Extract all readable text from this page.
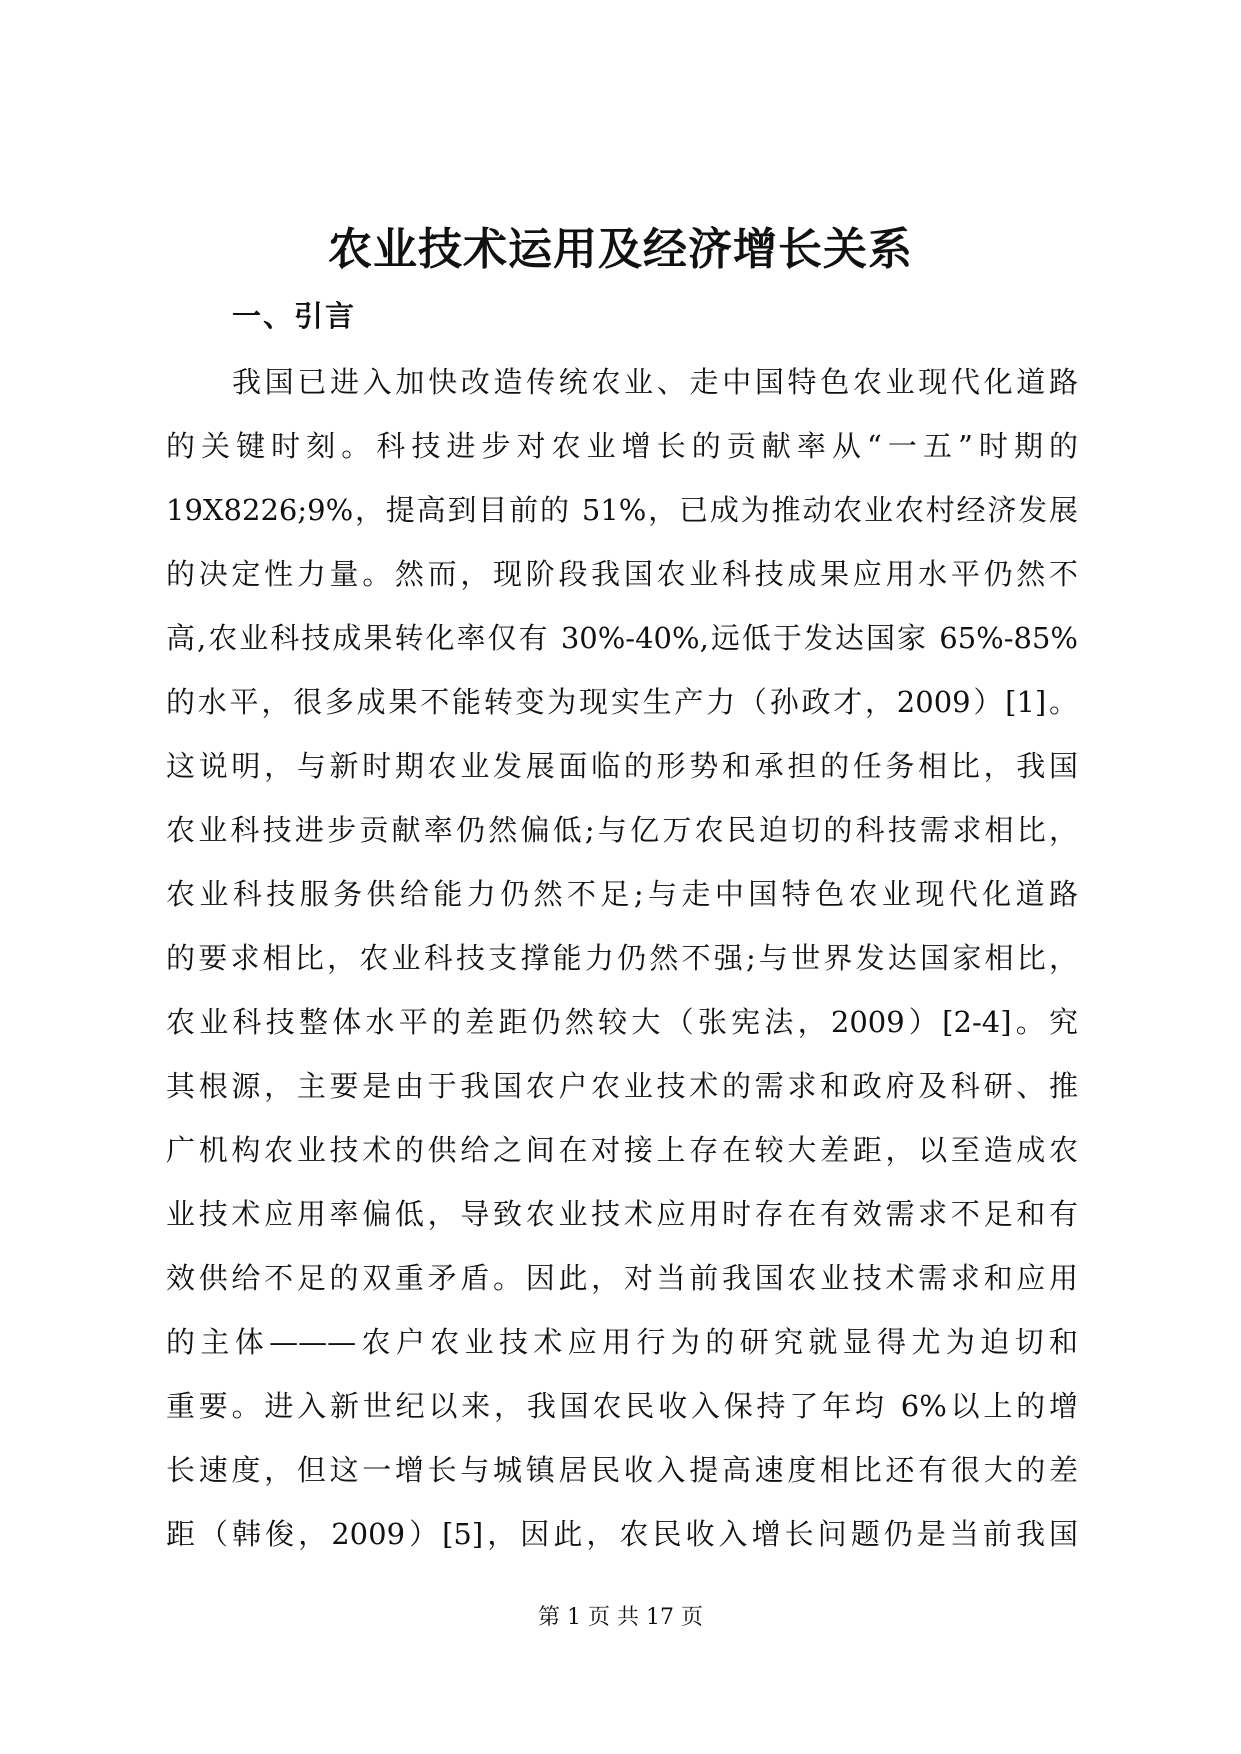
农业技术运用及经济增长关系
一、引言
我国已进入加快改造传统农业、走中国特色农业现代化道路
的关键时刻。科技进步对农业增长的贡献率从“一五”时期的
19X8226;9%，提高到目前的 51%，已成为推动农业农村经济发展
的决定性力量。然而，现阶段我国农业科技成果应用水平仍然不
高,农业科技成果转化率仅有 30%-40%,远低于发达国家 65%-85%
的水平，很多成果不能转变为现实生产力（孙政才，2009）[1]。
这说明，与新时期农业发展面临的形势和承担的任务相比，我国
农业科技进步贡献率仍然偏低;与亿万农民迫切的科技需求相比，
农业科技服务供给能力仍然不足;与走中国特色农业现代化道路
的要求相比，农业科技支撑能力仍然不强;与世界发达国家相比，
农业科技整体水平的差距仍然较大（张宪法，2009）[2-4]。究
其根源，主要是由于我国农户农业技术的需求和政府及科研、推
广机构农业技术的供给之间在对接上存在较大差距，以至造成农
业技术应用率偏低，导致农业技术应用时存在有效需求不足和有
效供给不足的双重矛盾。因此，对当前我国农业技术需求和应用
的主体———农户农业技术应用行为的研究就显得尤为迫切和
重要。进入新世纪以来，我国农民收入保持了年均 6%以上的增
长速度，但这一增长与城镇居民收入提高速度相比还有很大的差
距（韩俊，2009）[5]，因此，农民收入增长问题仍是当前我国
第 1 页 共 17 页
